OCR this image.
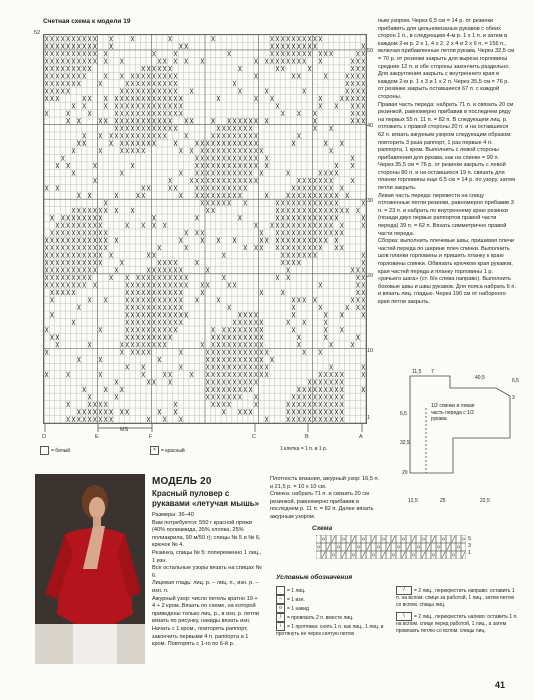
Счетная схема к модели 19
52
50
40
30
20
10
1
D	E
MS
F	C	B	A
= белый	× = красный	1 клетка = 1 п. и 1 р.
МОДЕЛЬ 20
Красный пуловер с рукавами «летучая мышь»
Размеры: 36–40
Вам потребуется: 550 г красной пряжи (40% полиамида, 35% хлопка, 25% полиакрила, 90 м/50 г); спицы № 5 и № 6, крючок № 4.
Резинка, спицы № 5: попеременно 1 лиц., 1 изн.
Все остальные узоры вязать на спицах № 6.
Лицевая гладь: лиц. р. – лиц. п., изн. р. – изн. п.
Ажурный узор: число петель кратно 19 + 4 + 2 кром. Вязать по схеме, на которой приведены только лиц. р., в изн. р. петли вязать по рисунку, накиды вязать изн. Начать с 1 кром., повторять раппорт, закончить первыми 4 п. раппорта и 1 кром. Повторять с 1-го по 6-й р.
Плотность вязания, ажурный узор: 16,5 п. и 21,5 р. = 10 x 10 см.
Спинка: набрать 71 п. и связать 20 см резинкой, равномерно прибавив в последнем р. 11 п. = 82 п. Далее вязать ажурным узором.
Схема
5
3
1
Условные обозначения
= 1 лиц.
– = 1 изн.
o = 1 накид
/ = провязать 2 п. вместе лиц.
\ = 1 протяжка: снять 1 п. как лиц., 1 лиц. и протянуть ее через снятую петлю
/ = 2 лиц., перекрестить направо: оставить 1 п. на вспом. спице за работой, 1 лиц., затем петлю со вспом. спицы лиц.
\ = 2 лиц., перекрестить налево: оставить 1 п. на вспом. спице перед работой, 1 лиц., а затем провязать петлю со вспом. спицы лиц.

ным узором. Через 6,5 см = 14 р. от резинки прибавить для цельновязаных рукавов с обеих сторон 1 п., в следующем 4-м р. 1 х 1 п. и затем в каждом 2-м р. 2 х 1, 4 х 2, 2 х 4 и 2 х 6 п. = 156 п., включая прибавленные петли рукава. Через 32,5 см = 70 р. от резинки закрыть для выреза горловины средние 12 п. и обе стороны закончить раздельно. Для закругления закрыть с внутреннего края в каждом 2-м р. 1 х 3 и 1 х 2 п. Через 35,5 см = 76 р. от резинки закрыть оставшиеся 67 п. с каждой стороны.

Правая часть переда: набрать 71 п. и связать 20 см резинкой, равномерно прибавив в последнем ряду на первых 55 п. 11 п. = 82 п. В следующем лиц. р. отложить с правой стороны 20 п. и на оставшихся 62 п. вязать ажурным узором следующим образом: повторить 3 раза раппорт, 1 раз первые 4 п. раппорта, 1 кром. Выполнить с левой стороны прибавления для рукава, как на спинке = 99 п. Через 35,5 см = 76 р. от резинки закрыть с левой стороны 80 п. и на оставшихся 19 п. связать для планки горловины еще 6,5 см = 14 р. по узору, затем петли закрыть.

Левая часть переда: перевести на спицу отложенные петли резинки, равномерно прибавив 3 п. = 23 п. и набрать по внутреннему краю резинки (позади двух первых раппортов правой части переда) 39 п. = 62 п. Вязать симметрично правой части переда.

Сборка: выполнить плечевые швы, пришивая плечи частей переда по ширине плеч спинки. Выполнить шов планки горловины и пришить планку к краю горловины спинки. Обвязать крючком края рукавов, края частей переда и планку горловины 1 р. «рачьего шага» (ст. б/н слева направо). Выполнить боковые швы и швы рукавов. Для пояса набрать 6 п. и вязать лиц. гладью. Через 190 см от наборного края петли закрыть.

1/2 спинки и левая часть переда с 1/2 рукава
11,5 7
40,5
6,5
32,5
20
12,5	25	22,5
6,5
3
41
